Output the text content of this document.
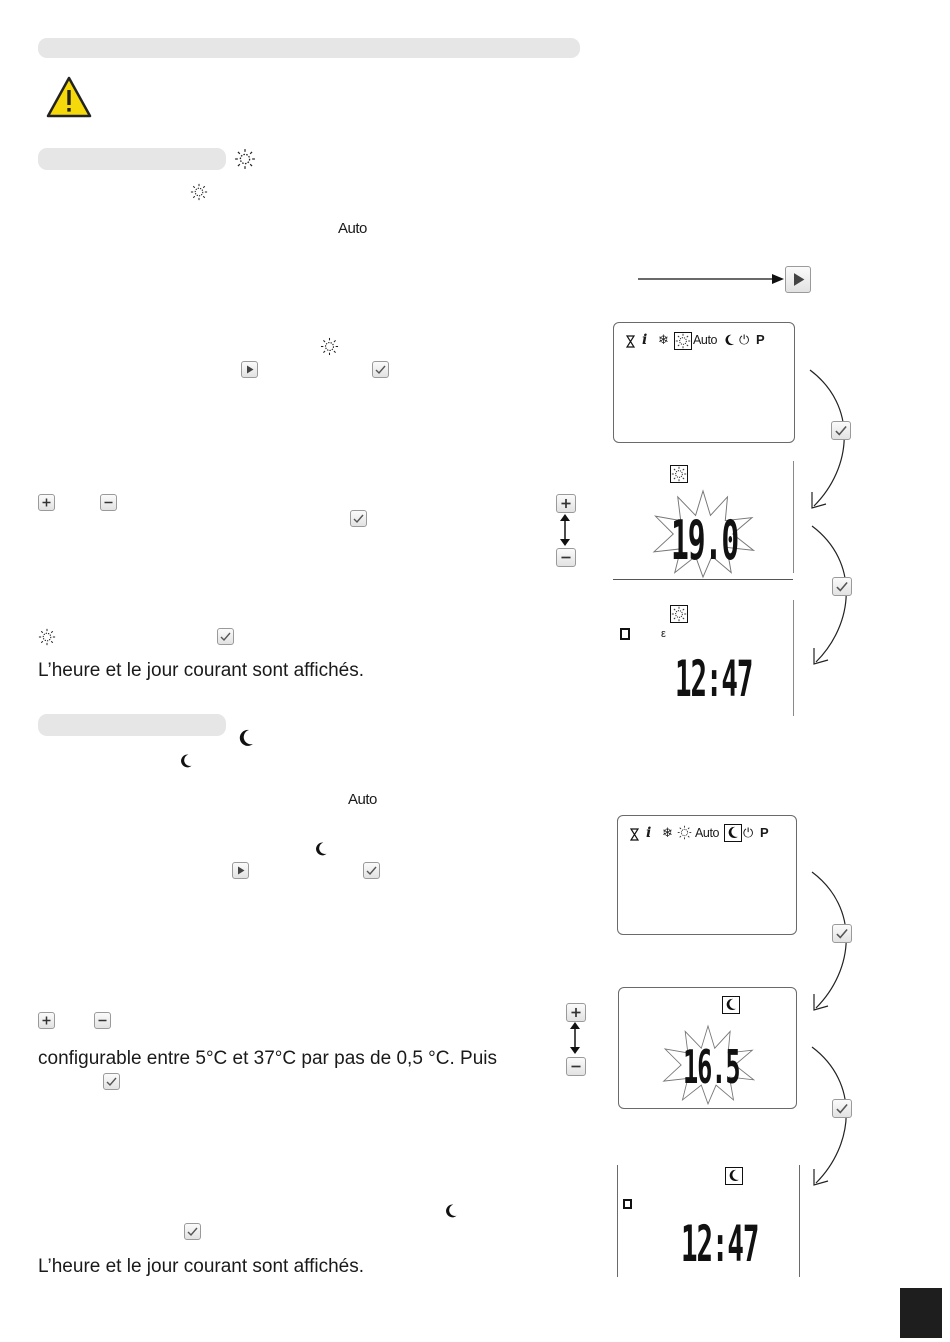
Auto
L’heure et le jour courant sont affichés.
Auto
configurable entre 5°C et 37°C par pas de 0,5 °C. Puis
L’heure et le jour courant sont affichés.
i ❄ Auto ⏻ P
19.0
ε
12:47
i ❄ Auto ⏻ P
16.5
12:47
